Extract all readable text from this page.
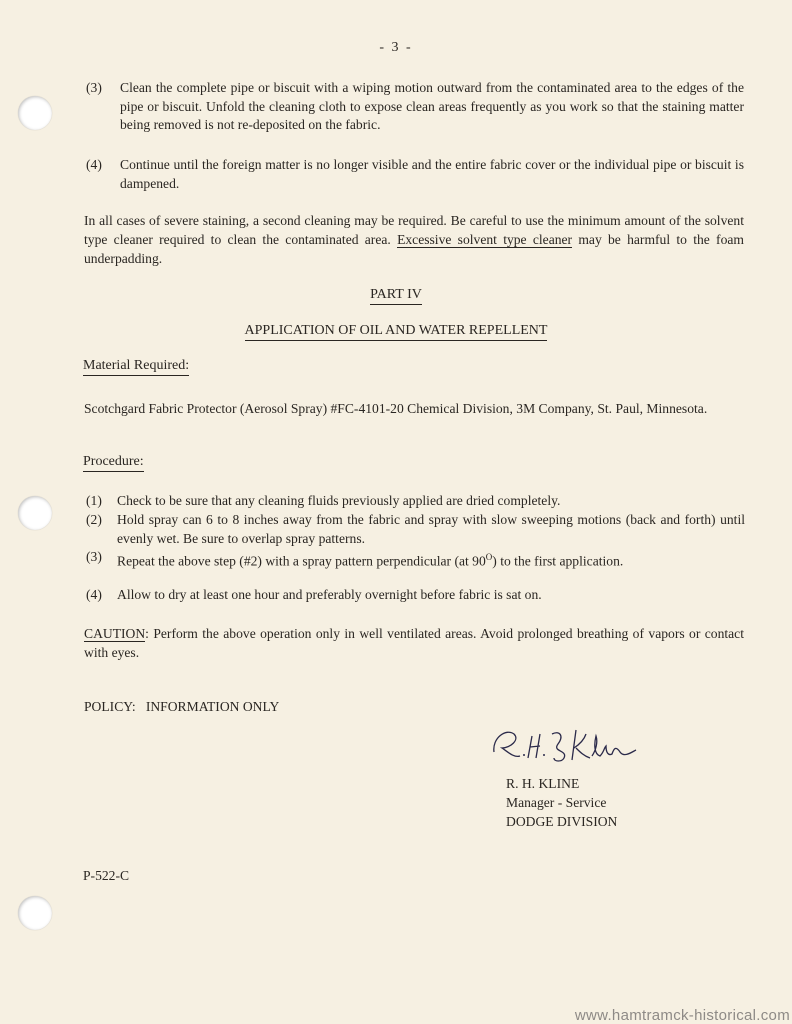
- 3 -
(3) Clean the complete pipe or biscuit with a wiping motion outward from the contaminated area to the edges of the pipe or biscuit. Unfold the cleaning cloth to expose clean areas frequently as you work so that the staining matter being removed is not re-deposited on the fabric.
(4) Continue until the foreign matter is no longer visible and the entire fabric cover or the individual pipe or biscuit is dampened.
In all cases of severe staining, a second cleaning may be required. Be careful to use the minimum amount of the solvent type cleaner required to clean the contaminated area. Excessive solvent type cleaner may be harmful to the foam underpadding.
PART IV
APPLICATION OF OIL AND WATER REPELLENT
Material Required:
Scotchgard Fabric Protector (Aerosol Spray) #FC-4101-20 Chemical Division, 3M Company, St. Paul, Minnesota.
Procedure:
(1) Check to be sure that any cleaning fluids previously applied are dried completely.
(2) Hold spray can 6 to 8 inches away from the fabric and spray with slow sweeping motions (back and forth) until evenly wet. Be sure to overlap spray patterns.
(3) Repeat the above step (#2) with a spray pattern perpendicular (at $90^O$) to the first application.
(4) Allow to dry at least one hour and preferably overnight before fabric is sat on.
CAUTION: Perform the above operation only in well ventilated areas. Avoid prolonged breathing of vapors or contact with eyes.
POLICY:   INFORMATION ONLY
R. H. KLINE
Manager - Service
DODGE DIVISION
P-522-C
www.hamtramck-historical.com
